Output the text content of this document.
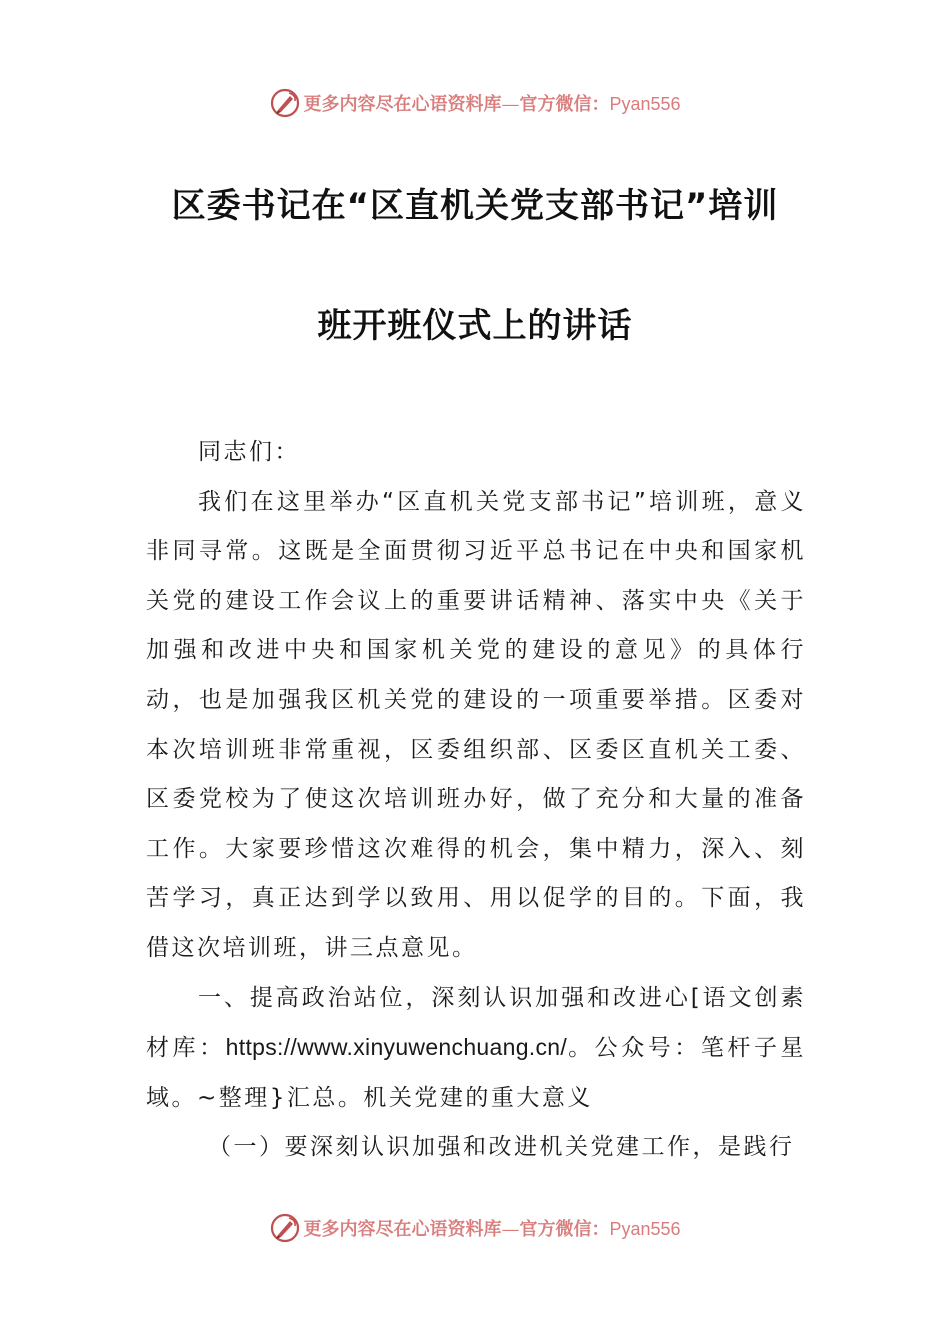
更多内容尽在心语资料库—官方微信：Pyan556
区委书记在“区直机关党支部书记”培训
班开班仪式上的讲话

同志们：

我们在这里举办“区直机关党支部书记”培训班，意义非同寻常。这既是全面贯彻习近平总书记在中央和国家机关党的建设工作会议上的重要讲话精神、落实中央《关于加强和改进中央和国家机关党的建设的意见》的具体行动，也是加强我区机关党的建设的一项重要举措。区委对本次培训班非常重视，区委组织部、区委区直机关工委、区委党校为了使这次培训班办好，做了充分和大量的准备工作。大家要珍惜这次难得的机会，集中精力，深入、刻苦学习，真正达到学以致用、用以促学的目的。下面，我借这次培训班，讲三点意见。

一、提高政治站位，深刻认识加强和改进心[语文创素材库：https://www.xinyuwenchuang.cn/。公众号：笔杆子星域。~整理}汇总。机关党建的重大意义

（一）要深刻认识加强和改进机关党建工作，是践行

更多内容尽在心语资料库—官方微信：Pyan556
